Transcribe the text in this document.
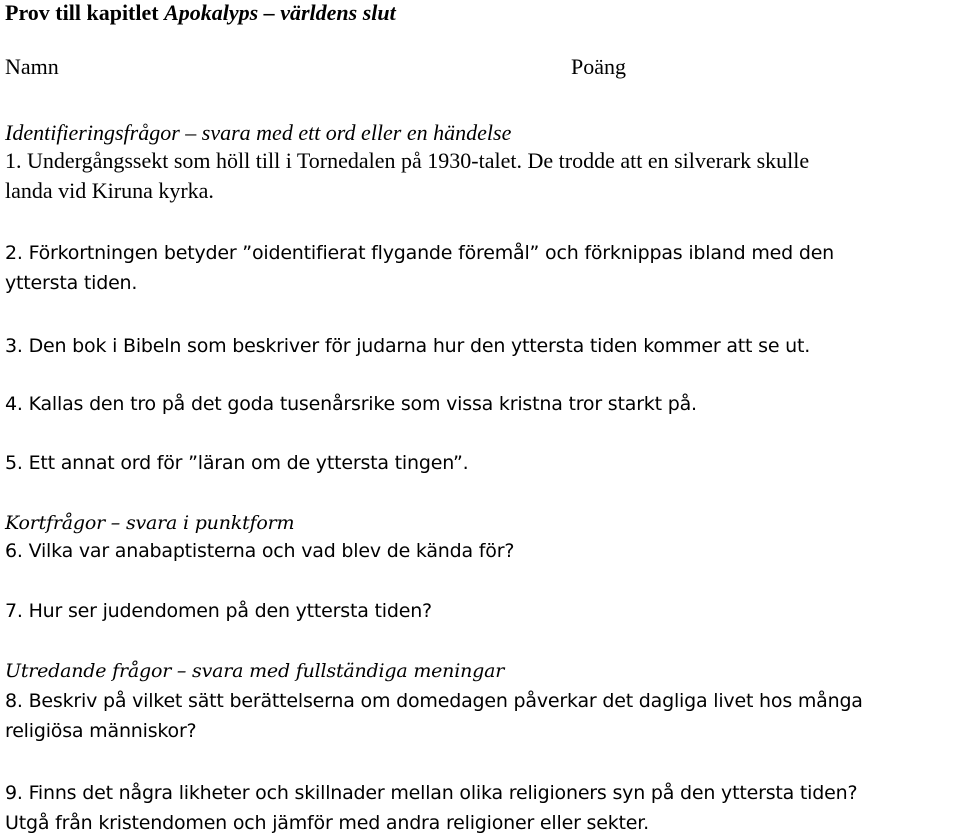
Prov till kapitlet Apokalyps – världens slut
Namn	Poäng
Identifieringsfrågor – svara med ett ord eller en händelse
1. Undergångssekt som höll till i Tornedalen på 1930-talet. De trodde att en silverark skulle
landa vid Kiruna kyrka.
2. Förkortningen betyder ”oidentifierat flygande föremål” och förknippas ibland med den
yttersta tiden.
3. Den bok i Bibeln som beskriver för judarna hur den yttersta tiden kommer att se ut.
4. Kallas den tro på det goda tusenårsrike som vissa kristna tror starkt på.
5. Ett annat ord för ”läran om de yttersta tingen”.
Kortfrågor – svara i punktform
6. Vilka var anabaptisterna och vad blev de kända för?
7. Hur ser judendomen på den yttersta tiden?
Utredande frågor – svara med fullständiga meningar
8. Beskriv på vilket sätt berättelserna om domedagen påverkar det dagliga livet hos många
religiösa människor?
9. Finns det några likheter och skillnader mellan olika religioners syn på den yttersta tiden?
Utgå från kristendomen och jämför med andra religioner eller sekter.
